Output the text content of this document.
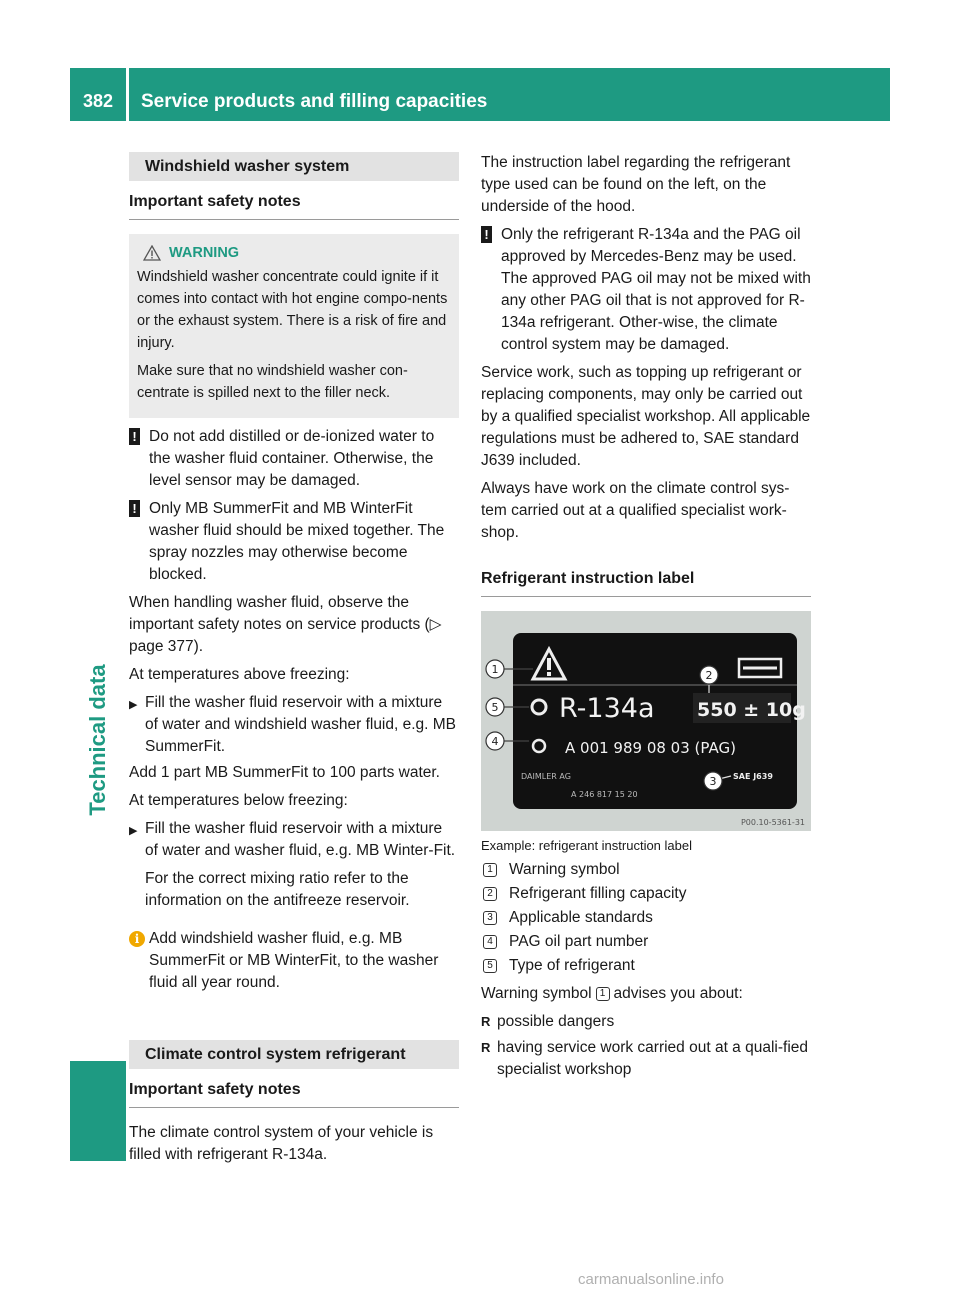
382	Service products and filling capacities
Technical data
Windshield washer system
Important safety notes
WARNING

Windshield washer concentrate could ignite if it comes into contact with hot engine compo-nents or the exhaust system. There is a risk of fire and injury.

Make sure that no windshield washer con-centrate is spilled next to the filler neck.

! Do not add distilled or de-ionized water to the washer fluid container. Otherwise, the level sensor may be damaged.
! Only MB SummerFit and MB WinterFit washer fluid should be mixed together. The spray nozzles may otherwise become blocked.

When handling washer fluid, observe the important safety notes on service products (▷ page 377).

At temperatures above freezing:

▶ Fill the washer fluid reservoir with a mixture of water and windshield washer fluid, e.g. MB SummerFit.

Add 1 part MB SummerFit to 100 parts water.

At temperatures below freezing:

▶ Fill the washer fluid reservoir with a mixture of water and washer fluid, e.g. MB Winter-Fit.

For the correct mixing ratio refer to the information on the antifreeze reservoir.

i Add windshield washer fluid, e.g. MB SummerFit or MB WinterFit, to the washer fluid all year round.
Climate control system refrigerant
Important safety notes

The climate control system of your vehicle is filled with refrigerant R-134a.

The instruction label regarding the refrigerant type used can be found on the left, on the underside of the hood.

! Only the refrigerant R-134a and the PAG oil approved by Mercedes-Benz may be used. The approved PAG oil may not be mixed with any other PAG oil that is not approved for R-134a refrigerant. Other-wise, the climate control system may be damaged.

Service work, such as topping up refrigerant or replacing components, may only be carried out by a qualified specialist workshop. All applicable regulations must be adhered to, SAE standard J639 included.

Always have work on the climate control sys-tem carried out at a qualified specialist work-shop.

Refrigerant instruction label
R-134a 550 ± 10g
A 001 989 08 03 (PAG)
DAIMLER AG
A 246 817 15 20
SAE J639
1
5
4
2
3
P00.10-5361-31
Example: refrigerant instruction label
1 Warning symbol
2 Refrigerant filling capacity
3 Applicable standards
4 PAG oil part number
5 Type of refrigerant

Warning symbol 1 advises you about:

R possible dangers
R having service work carried out at a quali-fied specialist workshop
carmanualsonline.info
